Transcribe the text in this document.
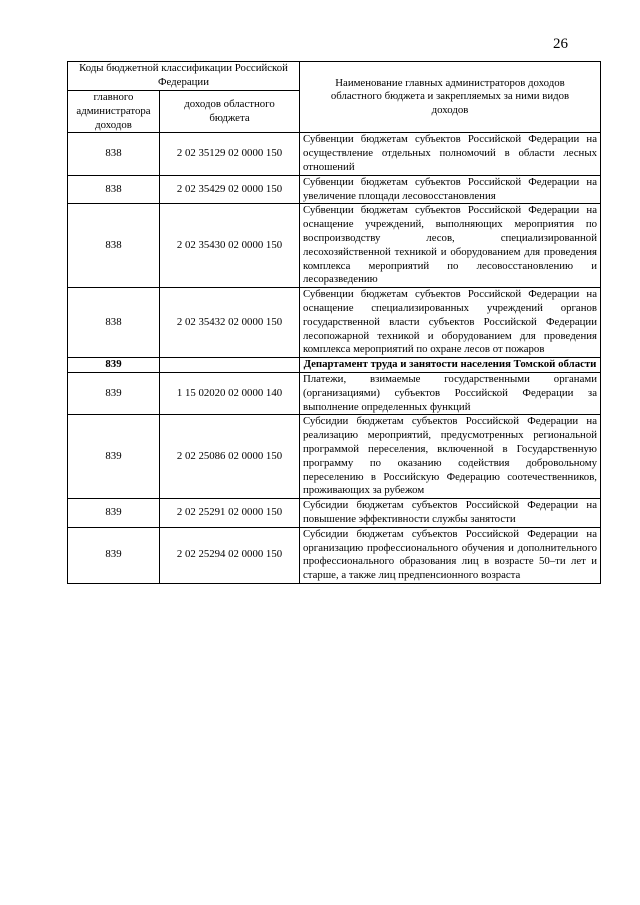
26
Коды бюджетной классификации Российской Федерации		Наименование главных администраторов доходов областного бюджета и закрепляемых за ними видов доходов
главного администратора доходов	доходов областного бюджета	
838	2 02 35129 02 0000 150	Субвенции бюджетам субъектов Российской Федерации на осуществление отдельных полномочий в области лесных отношений
838	2 02 35429 02 0000 150	Субвенции бюджетам субъектов Российской Федерации на увеличение площади лесовосстановления
838	2 02 35430 02 0000 150	Субвенции бюджетам субъектов Российской Федерации на оснащение учреждений, выполняющих мероприятия по воспроизводству лесов, специализированной лесохозяйственной техникой и оборудованием для проведения комплекса мероприятий по лесовосстановлению и лесоразведению
838	2 02 35432 02 0000 150	Субвенции бюджетам субъектов Российской Федерации на оснащение специализированных учреждений органов государственной власти субъектов Российской Федерации лесопожарной техникой и оборудованием для проведения комплекса мероприятий по охране лесов от пожаров
839		Департамент труда и занятости населения Томской области
839	1 15 02020 02 0000 140	Платежи, взимаемые государственными органами (организациями) субъектов Российской Федерации за выполнение определенных функций
839	2 02 25086 02 0000 150	Субсидии бюджетам субъектов Российской Федерации на реализацию мероприятий, предусмотренных региональной программой переселения, включенной в Государственную программу по оказанию содействия добровольному переселению в Российскую Федерацию соотечественников, проживающих за рубежом
839	2 02 25291 02 0000 150	Субсидии бюджетам субъектов Российской Федерации на повышение эффективности службы занятости
839	2 02 25294 02 0000 150	Субсидии бюджетам субъектов Российской Федерации на организацию профессионального обучения и дополнительного профессионального образования лиц в возрасте 50–ти лет и старше, а также лиц предпенсионного возраста
